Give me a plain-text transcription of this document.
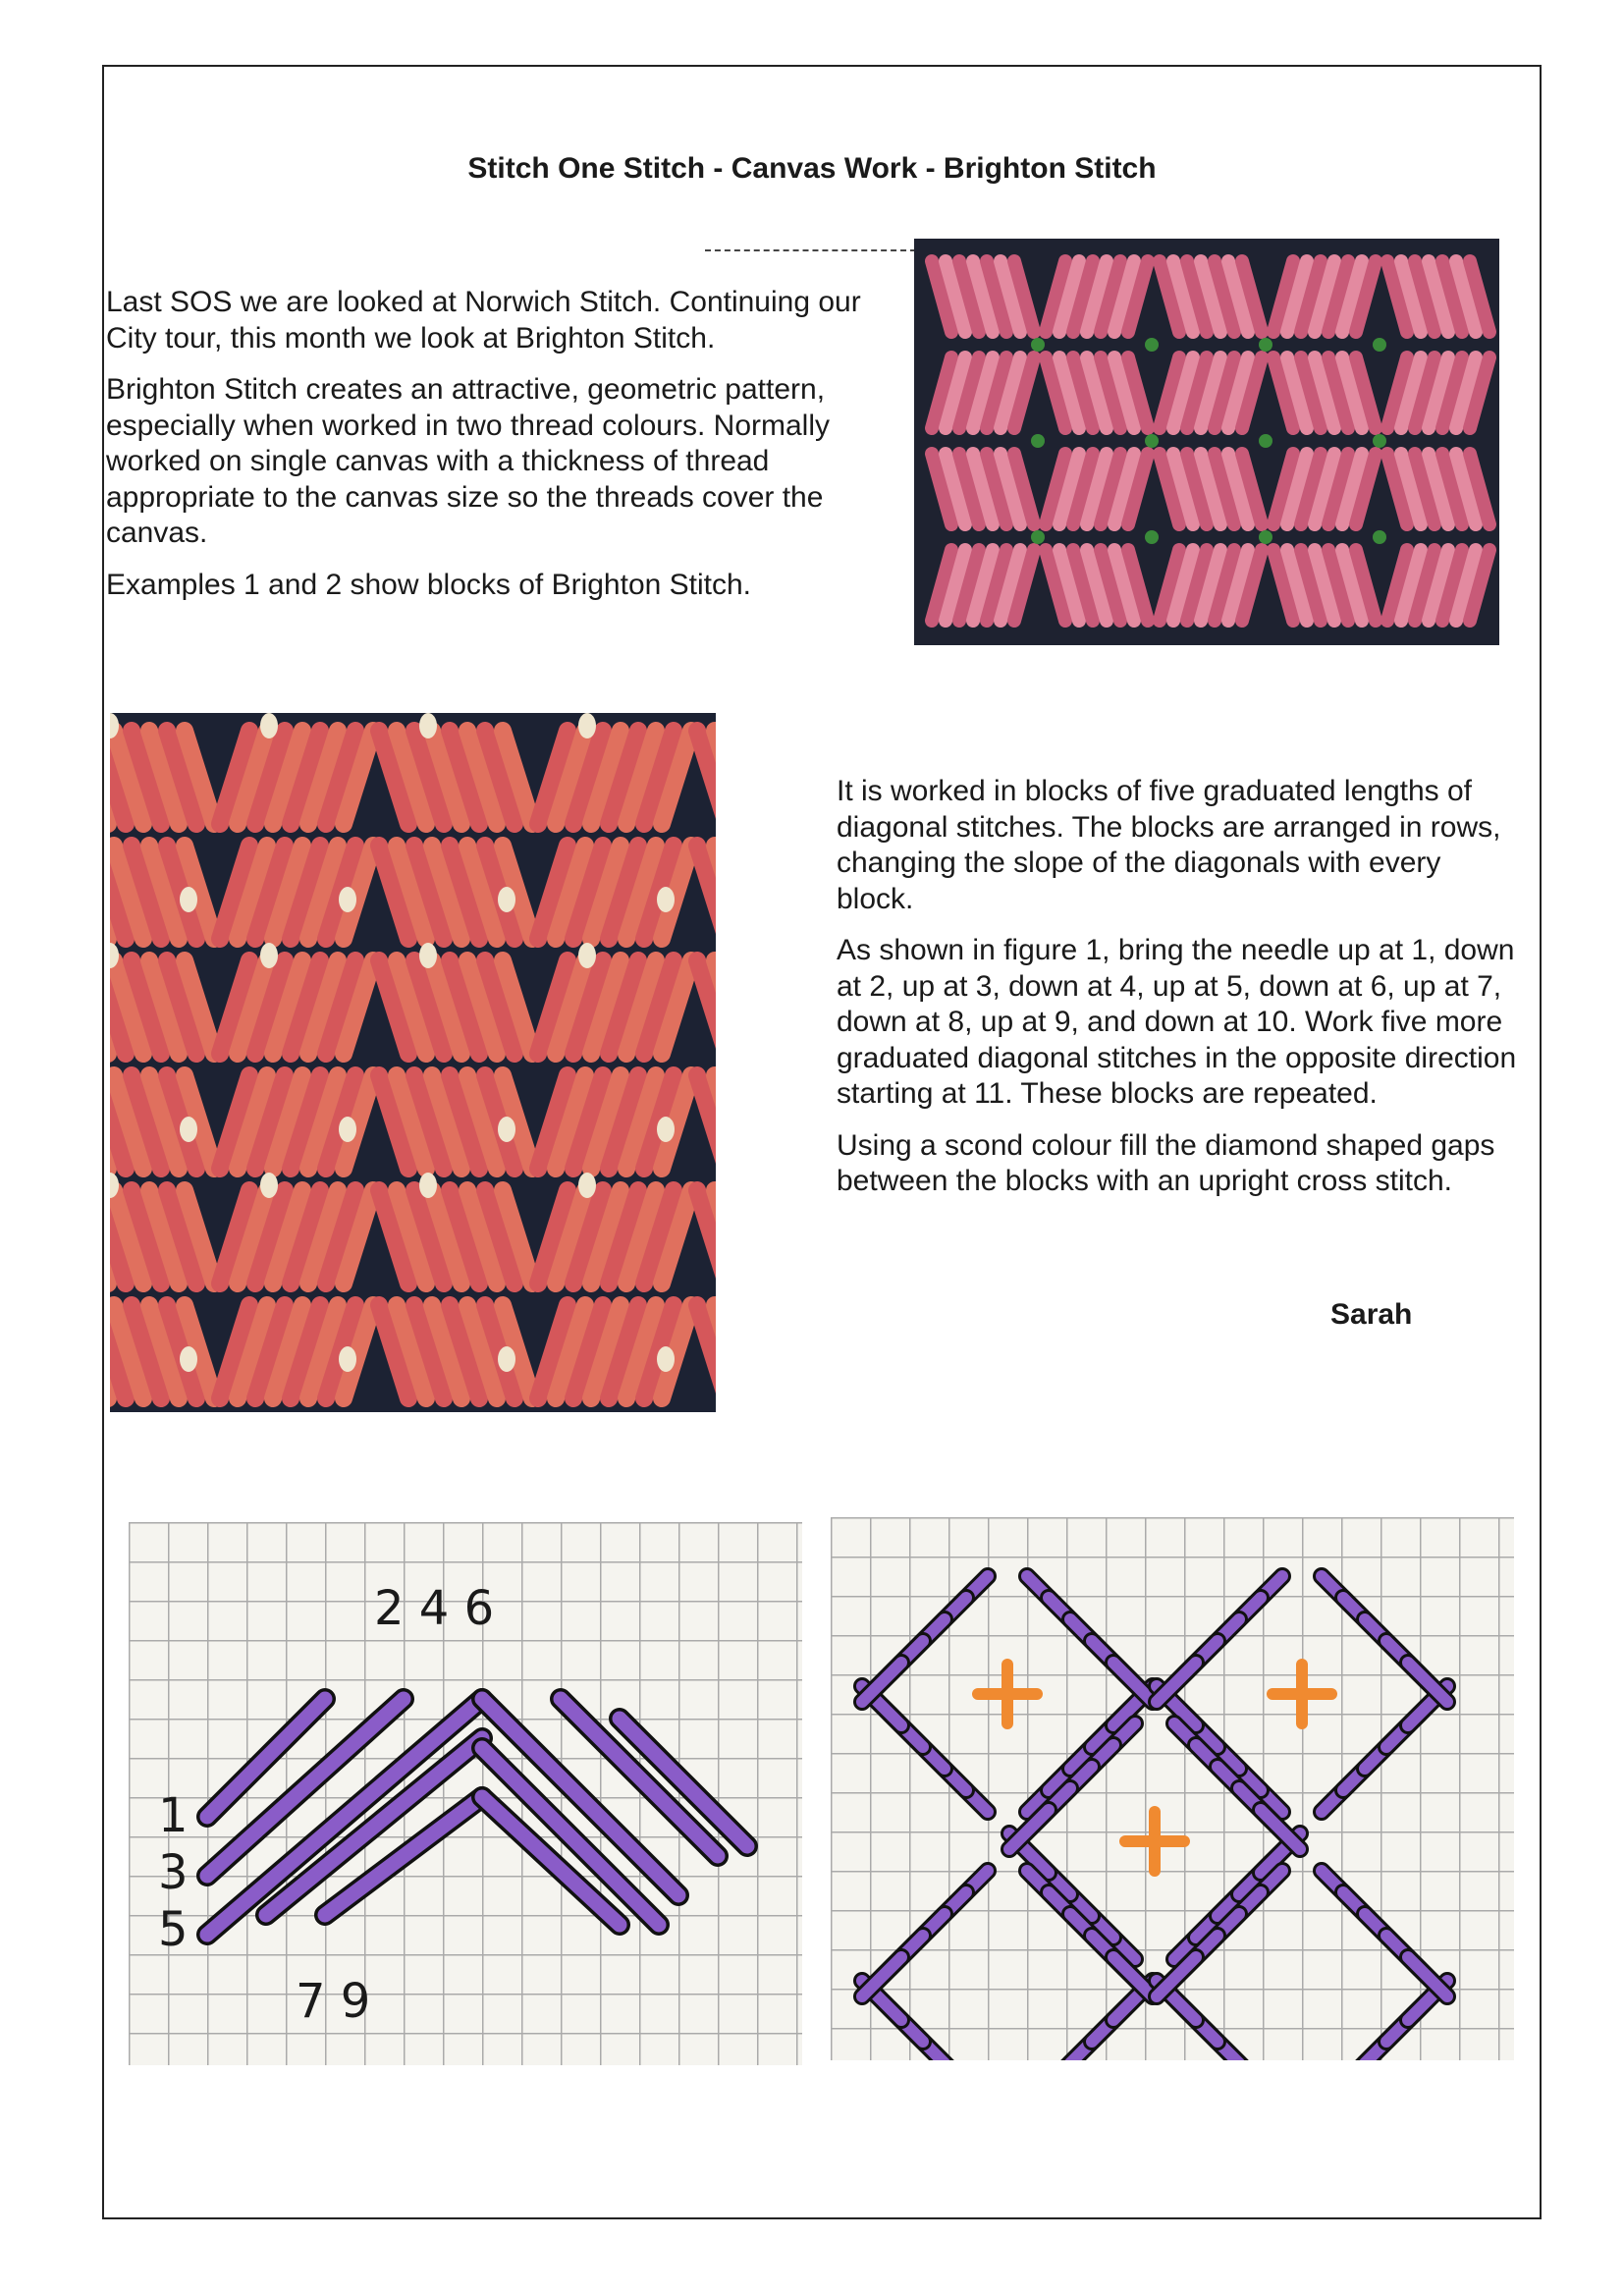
Stitch One Stitch - Canvas Work - Brighton Stitch

Last SOS we are looked at Norwich Stitch. Continuing our City tour, this month we look at Brighton Stitch.

Brighton Stitch creates an attractive, geometric pattern, especially when worked in two thread colours. Normally worked on single canvas with a thickness of thread appropriate to the canvas size so the threads cover the canvas.

Examples 1 and 2 show blocks of Brighton Stitch.

It is worked in blocks of five graduated lengths of diagonal stitches. The blocks are arranged in rows, changing the slope of the diagonals with every block.

As shown in figure 1, bring the needle up at 1, down at 2, up at 3, down at 4, up at 5, down at 6, up at 7, down at 8, up at 9, and down at 10. Work five more graduated diagonal stitches in the opposite direction starting at 11. These blocks are repeated.

Using a scond colour fill the diamond shaped gaps between the blocks with an upright cross stitch.

Sarah
2 4 6
1
3
5
7 9
